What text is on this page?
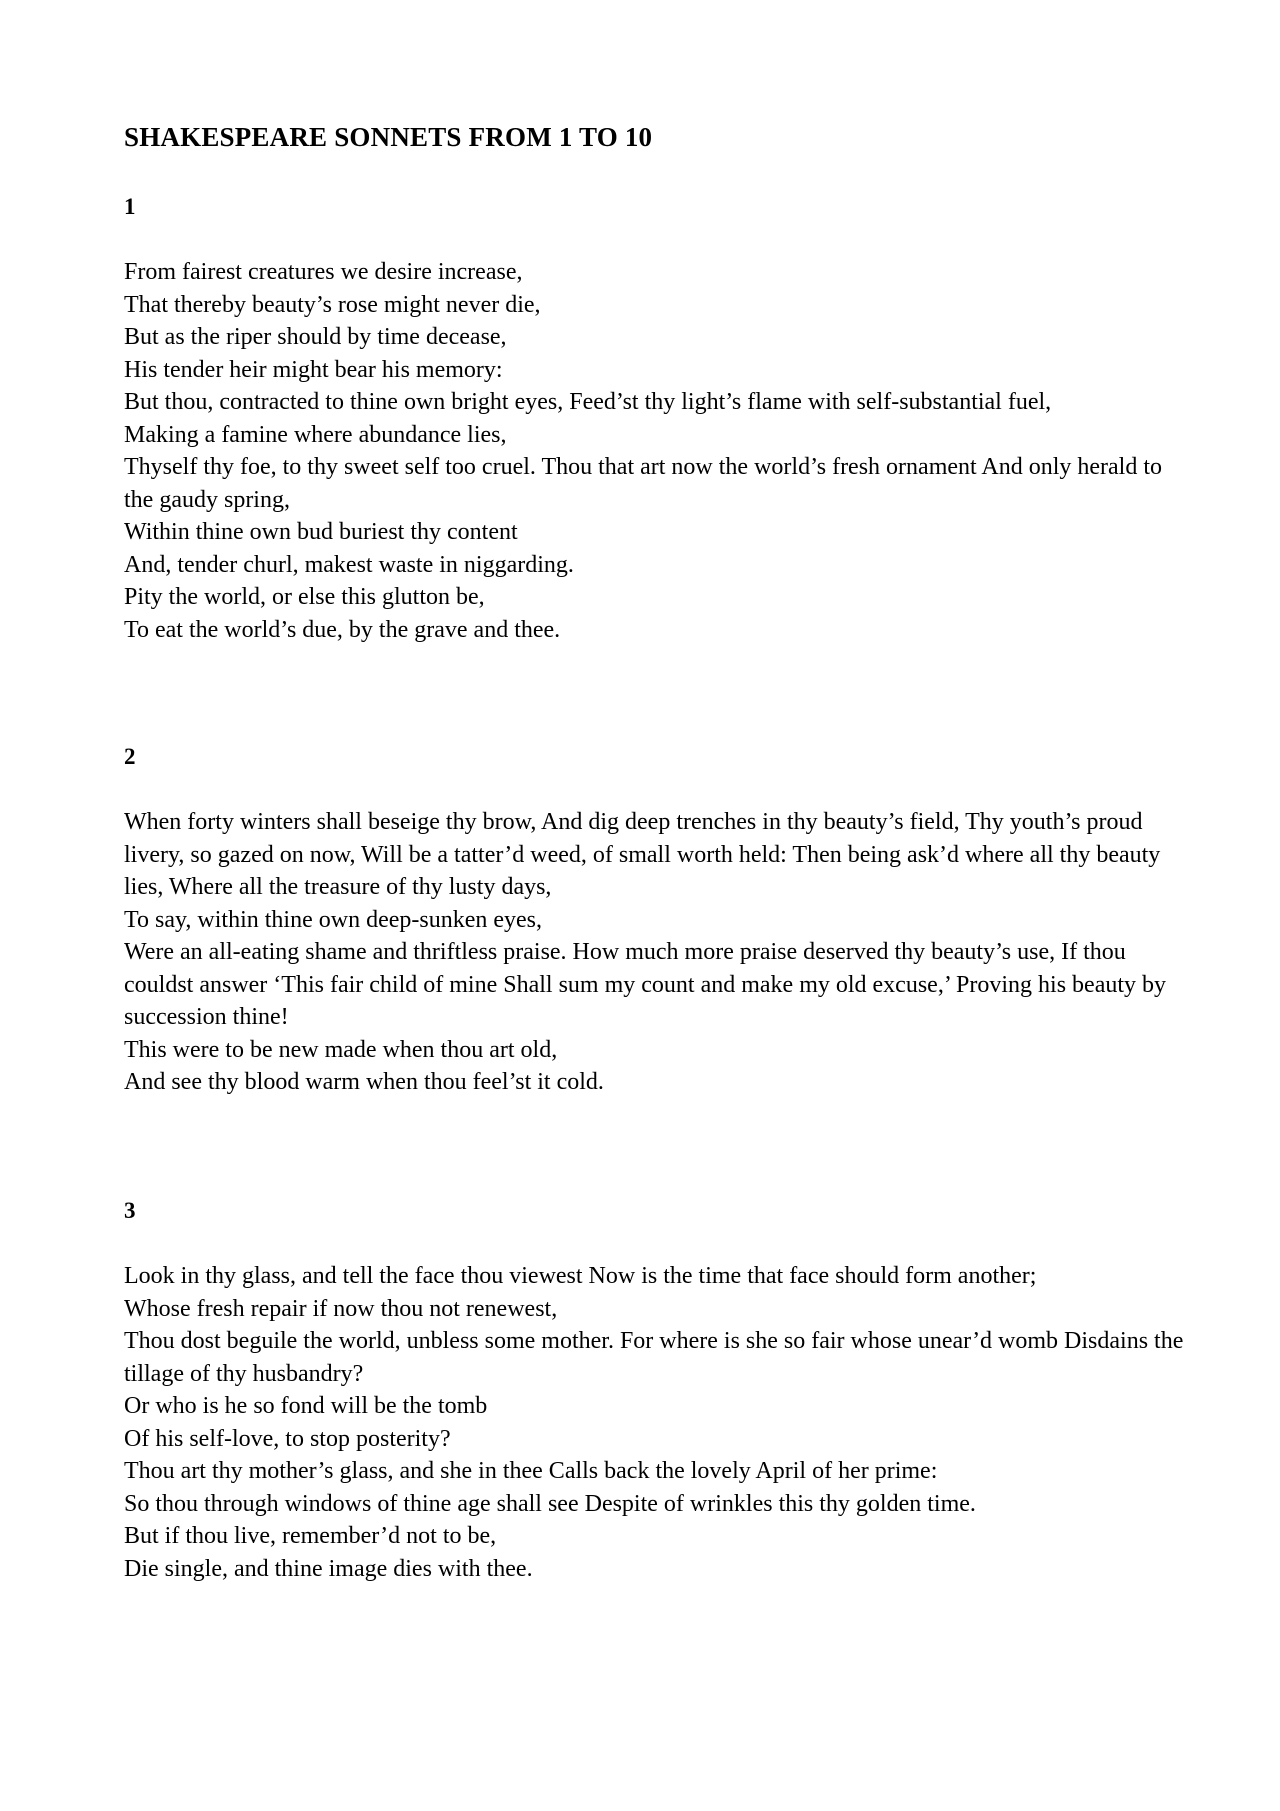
SHAKESPEARE SONNETS FROM 1 TO 10
1
From fairest creatures we desire increase,
That thereby beauty’s rose might never die,
But as the riper should by time decease,
His tender heir might bear his memory:
But thou, contracted to thine own bright eyes, Feed’st thy light’s flame with self-substantial fuel,
Making a famine where abundance lies,
Thyself thy foe, to thy sweet self too cruel. Thou that art now the world’s fresh ornament And only herald to the gaudy spring,
Within thine own bud buriest thy content
And, tender churl, makest waste in niggarding.
Pity the world, or else this glutton be,
To eat the world’s due, by the grave and thee.
2
When forty winters shall beseige thy brow, And dig deep trenches in thy beauty’s field, Thy youth’s proud livery, so gazed on now, Will be a tatter’d weed, of small worth held: Then being ask’d where all thy beauty lies, Where all the treasure of thy lusty days,
To say, within thine own deep-sunken eyes,
Were an all-eating shame and thriftless praise. How much more praise deserved thy beauty’s use, If thou couldst answer ‘This fair child of mine Shall sum my count and make my old excuse,’ Proving his beauty by succession thine!
This were to be new made when thou art old,
And see thy blood warm when thou feel’st it cold.
3
Look in thy glass, and tell the face thou viewest Now is the time that face should form another;
Whose fresh repair if now thou not renewest,
Thou dost beguile the world, unbless some mother. For where is she so fair whose unear’d womb Disdains the tillage of thy husbandry?
Or who is he so fond will be the tomb
Of his self-love, to stop posterity?
Thou art thy mother’s glass, and she in thee Calls back the lovely April of her prime:
So thou through windows of thine age shall see Despite of wrinkles this thy golden time.
But if thou live, remember’d not to be,
Die single, and thine image dies with thee.
